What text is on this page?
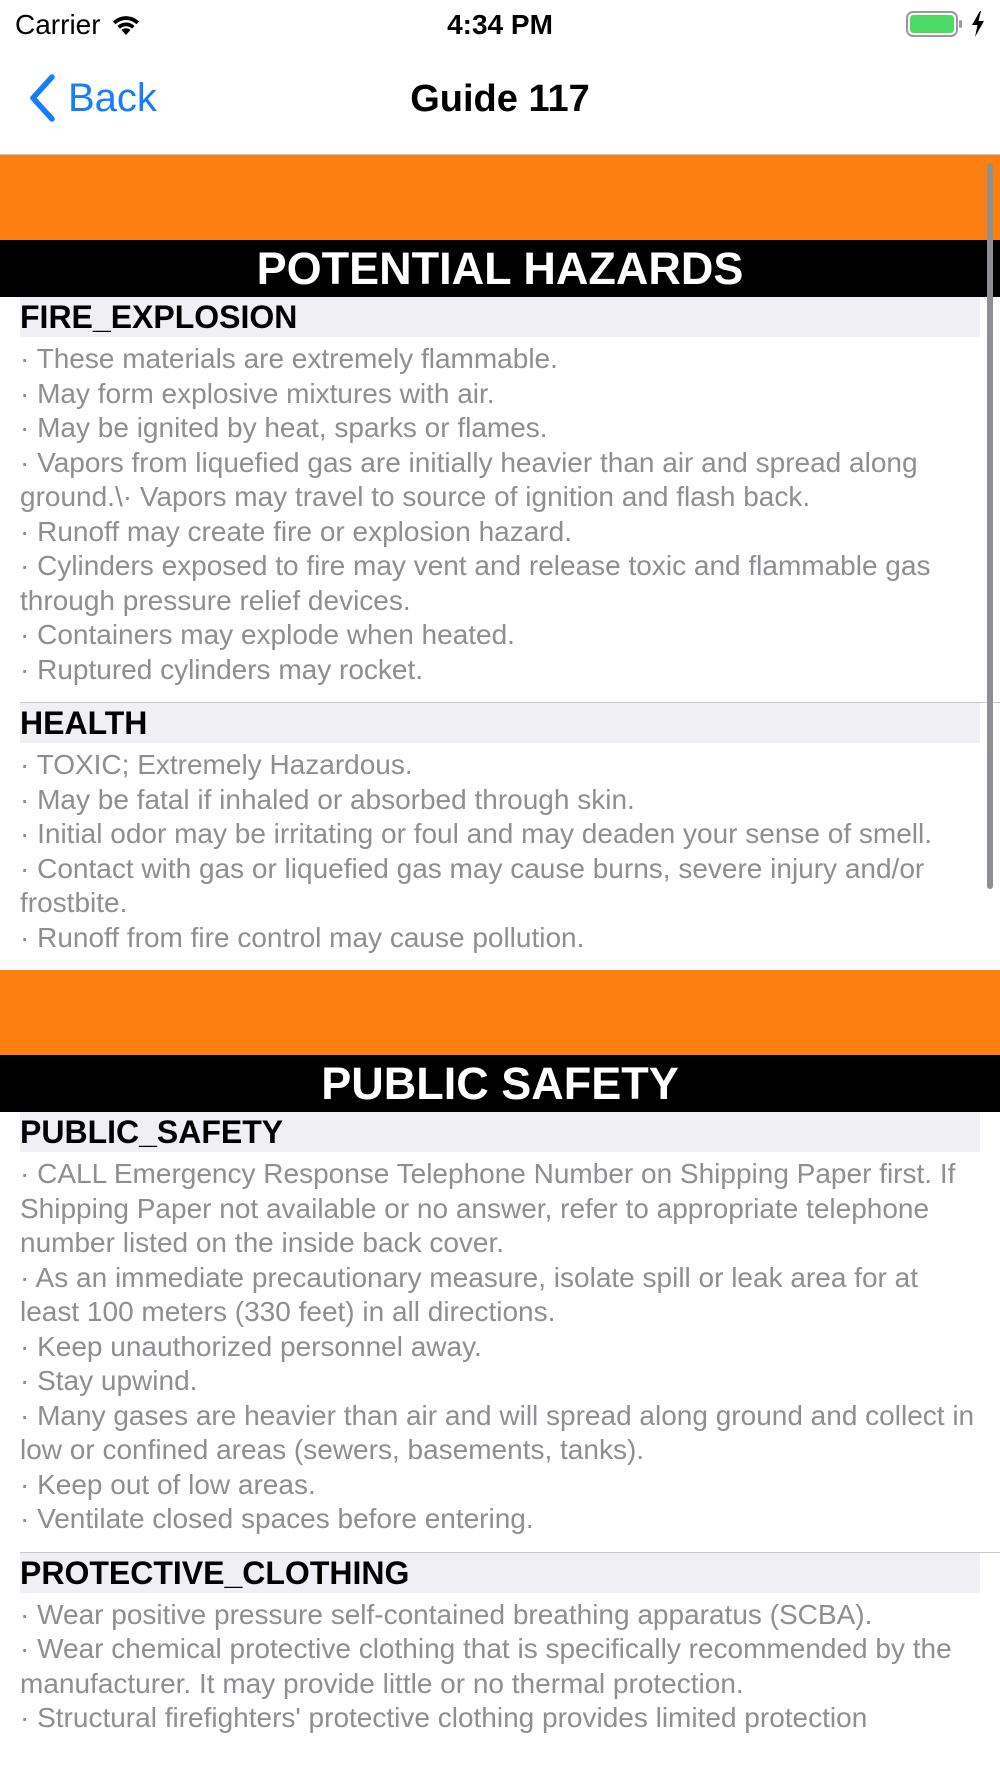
Carrier	4:34 PM
Back	Guide 117
POTENTIAL HAZARDS
FIRE_EXPLOSION
· These materials are extremely flammable.
· May form explosive mixtures with air.
· May be ignited by heat, sparks or flames.
· Vapors from liquefied gas are initially heavier than air and spread along ground.\· Vapors may travel to source of ignition and flash back.
· Runoff may create fire or explosion hazard.
· Cylinders exposed to fire may vent and release toxic and flammable gas through pressure relief devices.
· Containers may explode when heated.
· Ruptured cylinders may rocket.
HEALTH
· TOXIC; Extremely Hazardous.
· May be fatal if inhaled or absorbed through skin.
· Initial odor may be irritating or foul and may deaden your sense of smell.
· Contact with gas or liquefied gas may cause burns, severe injury and/or frostbite.
· Runoff from fire control may cause pollution.
PUBLIC SAFETY
PUBLIC_SAFETY
· CALL Emergency Response Telephone Number on Shipping Paper first. If Shipping Paper not available or no answer, refer to appropriate telephone number listed on the inside back cover.
· As an immediate precautionary measure, isolate spill or leak area for at least 100 meters (330 feet) in all directions.
· Keep unauthorized personnel away.
· Stay upwind.
· Many gases are heavier than air and will spread along ground and collect in low or confined areas (sewers, basements, tanks).
· Keep out of low areas.
· Ventilate closed spaces before entering.
PROTECTIVE_CLOTHING
· Wear positive pressure self-contained breathing apparatus (SCBA).
· Wear chemical protective clothing that is specifically recommended by the manufacturer. It may provide little or no thermal protection.
· Structural firefighters' protective clothing provides limited protection
